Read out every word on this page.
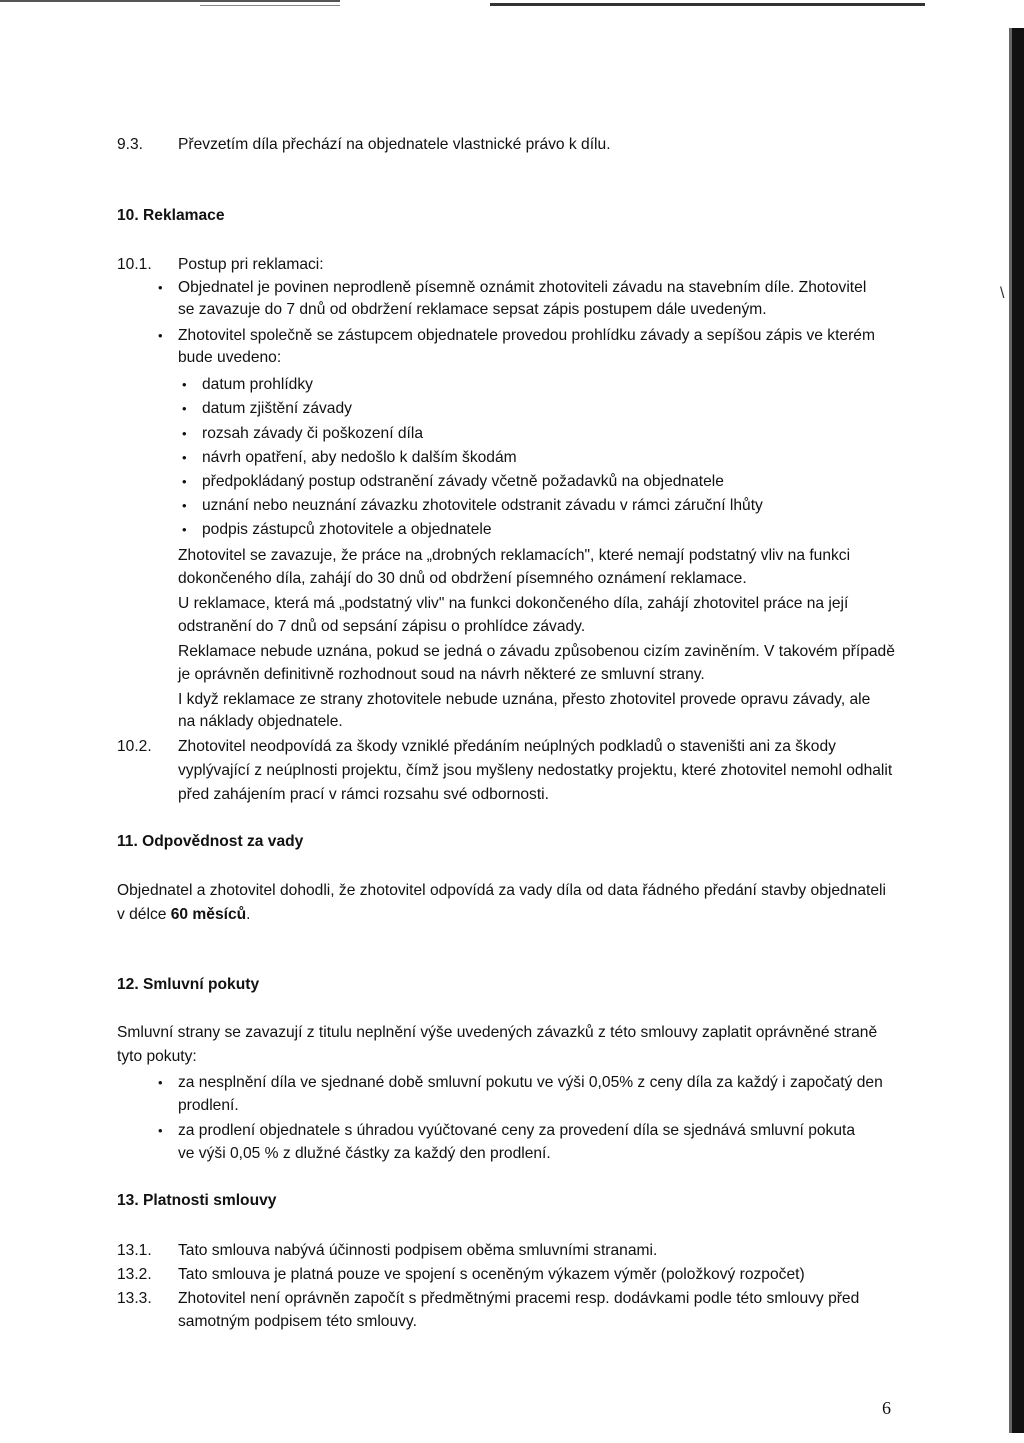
\
9.3. Převzetím díla přechází na objednatele vlastnické právo k dílu.
10. Reklamace
10.1. Postup pri reklamaci:
• Objednatel je povinen neprodleně písemně oznámit zhotoviteli závadu na stavebním díle. Zhotovitel
se zavazuje do 7 dnů od obdržení reklamace sepsat zápis postupem dále uvedeným.
• Zhotovitel společně se zástupcem objednatele provedou prohlídku závady a sepíšou zápis ve kterém
bude uvedeno:
• datum prohlídky
• datum zjištění závady
• rozsah závady či poškození díla
• návrh opatření, aby nedošlo k dalším škodám
• předpokládaný postup odstranění závady včetně požadavků na objednatele
• uznání nebo neuznání závazku zhotovitele odstranit závadu v rámci záruční lhůty
• podpis zástupců zhotovitele a objednatele
Zhotovitel se zavazuje, že práce na „drobných reklamacích", které nemají podstatný vliv na funkci
dokončeného díla, zahájí do 30 dnů od obdržení písemného oznámení reklamace.
U reklamace, která má „podstatný vliv" na funkci dokončeného díla, zahájí zhotovitel práce na její
odstranění do 7 dnů od sepsání zápisu o prohlídce závady.
Reklamace nebude uznána, pokud se jedná o závadu způsobenou cizím zaviněním. V takovém případě
je oprávněn definitivně rozhodnout soud na návrh některé ze smluvní strany.
I když reklamace ze strany zhotovitele nebude uznána, přesto zhotovitel provede opravu závady, ale
na náklady objednatele.
10.2. Zhotovitel neodpovídá za škody vzniklé předáním neúplných podkladů o staveništi ani za škody
vyplývající z neúplnosti projektu, čímž jsou myšleny nedostatky projektu, které zhotovitel nemohl odhalit
před zahájením prací v rámci rozsahu své odbornosti.
11. Odpovědnost za vady
Objednatel a zhotovitel dohodli, že zhotovitel odpovídá za vady díla od data řádného předání stavby objednateli
v délce 60 měsíců.
12. Smluvní pokuty
Smluvní strany se zavazují z titulu neplnění výše uvedených závazků z této smlouvy zaplatit oprávněné straně
tyto pokuty:
• za nesplnění díla ve sjednané době smluvní pokutu ve výši 0,05% z ceny díla za každý i započatý den
prodlení.
• za prodlení objednatele s úhradou vyúčtované ceny za provedení díla se sjednává smluvní pokuta
ve výši 0,05 % z dlužné částky za každý den prodlení.
13. Platnosti smlouvy
13.1. Tato smlouva nabývá účinnosti podpisem oběma smluvními stranami.
13.2. Tato smlouva je platná pouze ve spojení s oceněným výkazem výměr (položkový rozpočet)
13.3. Zhotovitel není oprávněn započít s předmětnými pracemi resp. dodávkami podle této smlouvy před
samotným podpisem této smlouvy.
6
